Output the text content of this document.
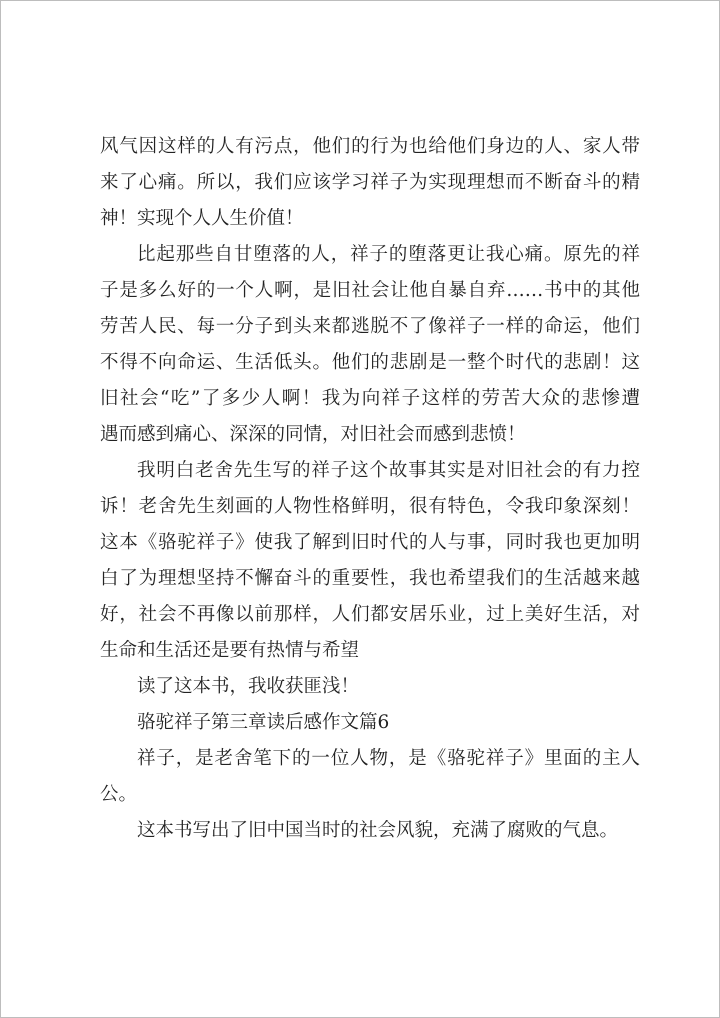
风气因这样的人有污点，他们的行为也给他们身边的人、家人带
来了心痛。所以，我们应该学习祥子为实现理想而不断奋斗的精
神！实现个人人生价值！
比起那些自甘堕落的人，祥子的堕落更让我心痛。原先的祥
子是多么好的一个人啊，是旧社会让他自暴自弃……书中的其他
劳苦人民、每一分子到头来都逃脱不了像祥子一样的命运，他们
不得不向命运、生活低头。他们的悲剧是一整个时代的悲剧！这
旧社会“吃”了多少人啊！我为向祥子这样的劳苦大众的悲惨遭
遇而感到痛心、深深的同情，对旧社会而感到悲愤！
我明白老舍先生写的祥子这个故事其实是对旧社会的有力控
诉！老舍先生刻画的人物性格鲜明，很有特色，令我印象深刻！
这本《骆驼祥子》使我了解到旧时代的人与事，同时我也更加明
白了为理想坚持不懈奋斗的重要性，我也希望我们的生活越来越
好，社会不再像以前那样，人们都安居乐业，过上美好生活，对
生命和生活还是要有热情与希望
读了这本书，我收获匪浅！
骆驼祥子第三章读后感作文篇6
祥子，是老舍笔下的一位人物，是《骆驼祥子》里面的主人
公。
这本书写出了旧中国当时的社会风貌，充满了腐败的气息。
